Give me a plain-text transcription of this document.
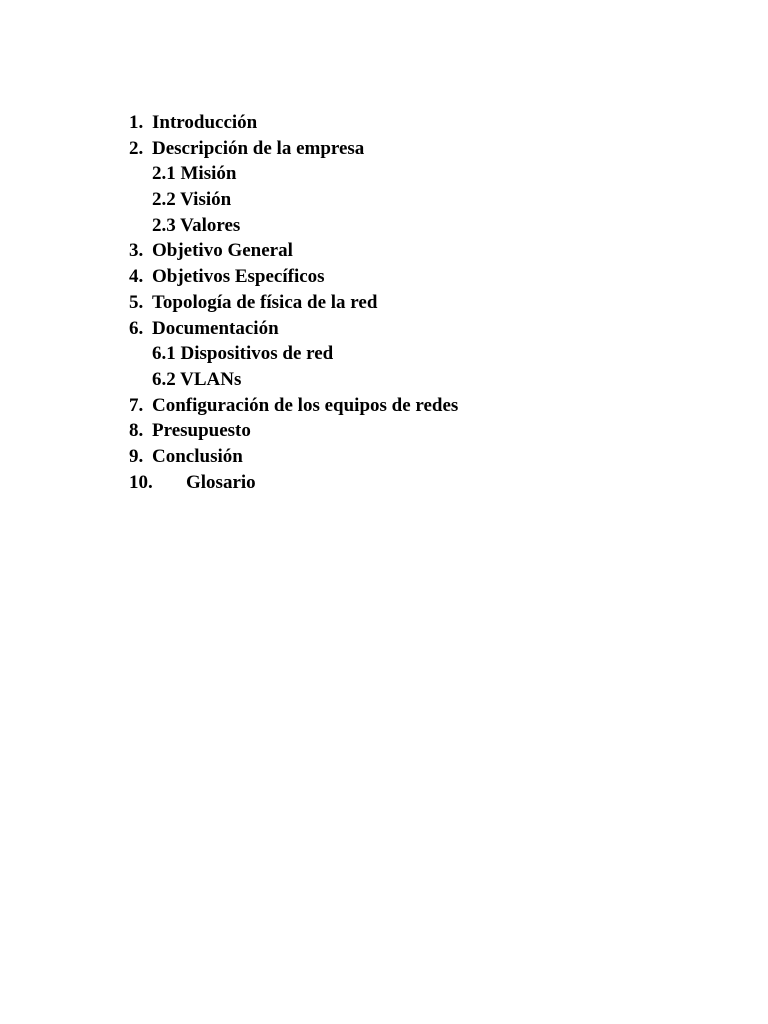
1. Introducción
2. Descripción de la empresa
2.1 Misión
2.2 Visión
2.3 Valores
3. Objetivo General
4. Objetivos Específicos
5. Topología de física de la red
6. Documentación
6.1 Dispositivos de red
6.2 VLANs
7. Configuración de los equipos de redes
8. Presupuesto
9. Conclusión
10. Glosario
